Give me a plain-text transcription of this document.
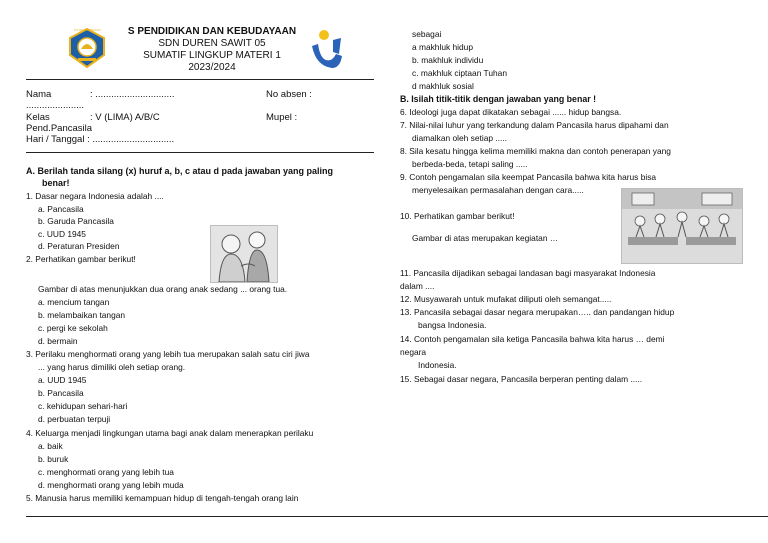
TUT WURI HANDAYANI	S PENDIDIKAN DAN KEBUDAYAAN
SDN DUREN SAWIT 05
SUMATIF LINGKUP MATERI 1
2023/2024
Nama	: ..............................	No absen :
......................
Kelas	: V (LIMA) A/B/C	Mupel :
Pend.Pancasila
Hari / Tanggal : ...............................
A. Berilah tanda silang (x) huruf a, b, c atau d pada jawaban yang paling
benar!
1. Dasar negara Indonesia adalah ....
a. Pancasila
b. Garuda Pancasila
c. UUD 1945
d. Peraturan Presiden
2. Perhatikan gambar berikut!
Gambar di atas menunjukkan dua orang anak sedang ... orang tua.
a. mencium tangan
b. melambaikan tangan
c. pergi ke sekolah
d. bermain
3. Perilaku menghormati orang yang lebih tua merupakan salah satu ciri jiwa
... yang harus dimiliki oleh setiap orang.
a. UUD 1945
b. Pancasila
c. kehidupan sehari-hari
d. perbuatan terpuji
4. Keluarga menjadi lingkungan utama bagi anak dalam menerapkan perilaku
a. baik
b. buruk
c. menghormati orang yang lebih tua
d. menghormati orang yang lebih muda
5. Manusia harus memiliki kemampuan hidup di tengah-tengah orang lain
sebagai
a makhluk hidup
b. makhluk individu
c. makhluk ciptaan Tuhan
d makhluk sosial
B. Isilah titik-titik dengan jawaban yang benar !
6. Ideologi juga dapat dikatakan sebagai ...... hidup bangsa.
7. Nilai-nilai luhur yang terkandung dalam Pancasila harus dipahami dan
diamalkan oleh setiap .....
8. Sila kesatu hingga kelima memiliki makna dan contoh penerapan yang
berbeda-beda, tetapi saling .....
9. Contoh pengamalan sila keempat Pancasila bahwa kita harus bisa
menyelesaikan permasalahan dengan cara.....
10. Perhatikan gambar berikut!
Gambar di atas merupakan kegiatan …
11. Pancasila dijadikan sebagai landasan bagi masyarakat Indonesia
dalam ....
12. Musyawarah untuk mufakat diliputi oleh semangat.....
13. Pancasila sebagai dasar negara merupakan….. dan pandangan hidup
bangsa Indonesia.
14. Contoh pengamalan sila ketiga Pancasila bahwa kita harus … demi
negara
Indonesia.
15. Sebagai dasar negara, Pancasila berperan penting dalam .....
